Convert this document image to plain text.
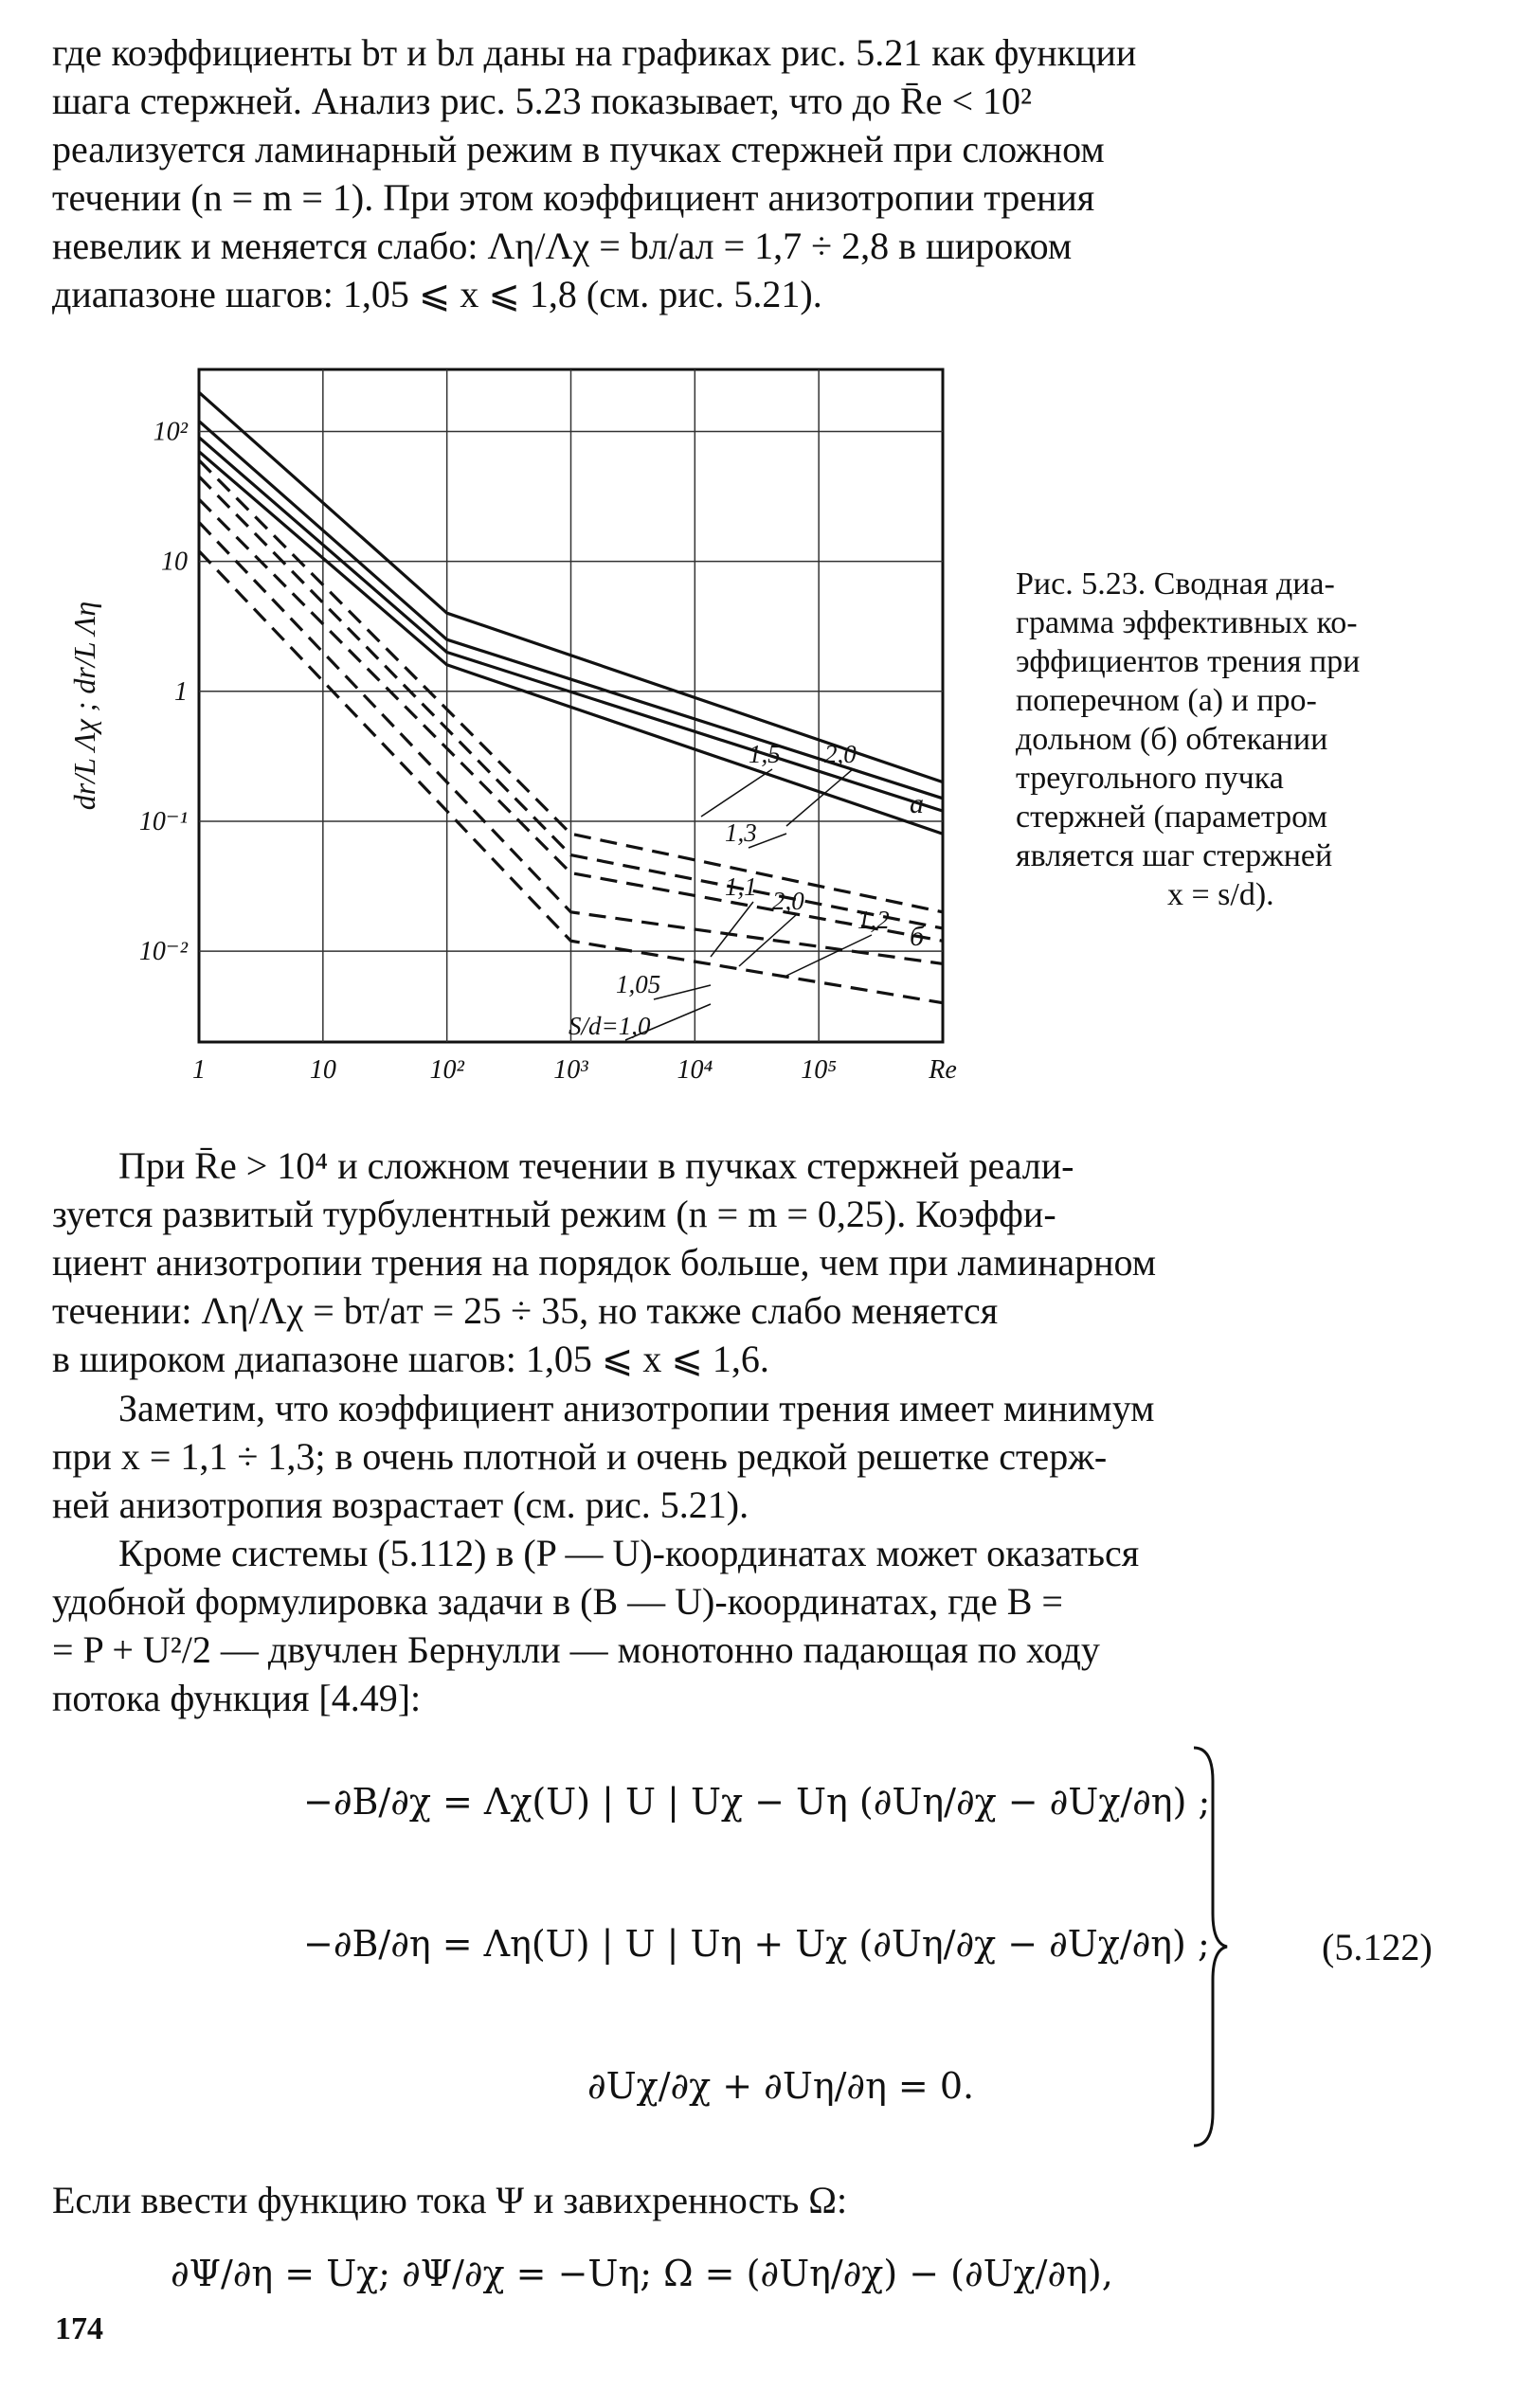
где коэффициенты bт и bл даны на графиках рис. 5.21 как функции
шага стержней. Анализ рис. 5.23 показывает, что до R̄e < 10²
реализуется ламинарный режим в пучках стержней при сложном
течении (n = m = 1). При этом коэффициент анизотропии трения
невелик и меняется слабо: Λη/Λχ = bл/aл = 1,7 ÷ 2,8 в широком
диапазоне шагов: 1,05 ⩽ x ⩽ 1,8 (см. рис. 5.21).
1	10	10²	10³	10⁴	10⁵	Re
10²
10
1
10⁻¹
10⁻²
dr/L Λχ ; dr/L Λη	1,5 2,0
1,3
1,1 2,0
1,2
1,05
S/d=1,0
а
б
Рис. 5.23. Сводная диа-
грамма эффективных ко-
эффициентов трения при
поперечном (а) и про-
дольном (б) обтекании
треугольного пучка
стержней (параметром
является шаг стержней
x = s/d).
При R̄e > 10⁴ и сложном течении в пучках стержней реали-
зуется развитый турбулентный режим (n = m = 0,25). Коэффи-
циент анизотропии трения на порядок больше, чем при ламинарном
течении: Λη/Λχ = bт/aт = 25 ÷ 35, но также слабо меняется
в широком диапазоне шагов: 1,05 ⩽ x ⩽ 1,6.
Заметим, что коэффициент анизотропии трения имеет минимум
при x = 1,1 ÷ 1,3; в очень плотной и очень редкой решетке стерж-
ней анизотропия возрастает (см. рис. 5.21).
Кроме системы (5.112) в (P — U)-координатах может оказаться
удобной формулировка задачи в (B — U)-координатах, где B =
= P + U²/2 — двучлен Бернулли — монотонно падающая по ходу
потока функция [4.49]:
−∂B/∂χ = Λχ(U) | U | Uχ − Uη (∂Uη/∂χ − ∂Uχ/∂η) ;
−∂B/∂η = Λη(U) | U | Uη + Uχ (∂Uη/∂χ − ∂Uχ/∂η) ;
∂Uχ/∂χ + ∂Uη/∂η = 0.
(5.122)
Если ввести функцию тока Ψ и завихренность Ω:
∂Ψ/∂η = Uχ; ∂Ψ/∂χ = −Uη; Ω = (∂Uη/∂χ) − (∂Uχ/∂η),
174
